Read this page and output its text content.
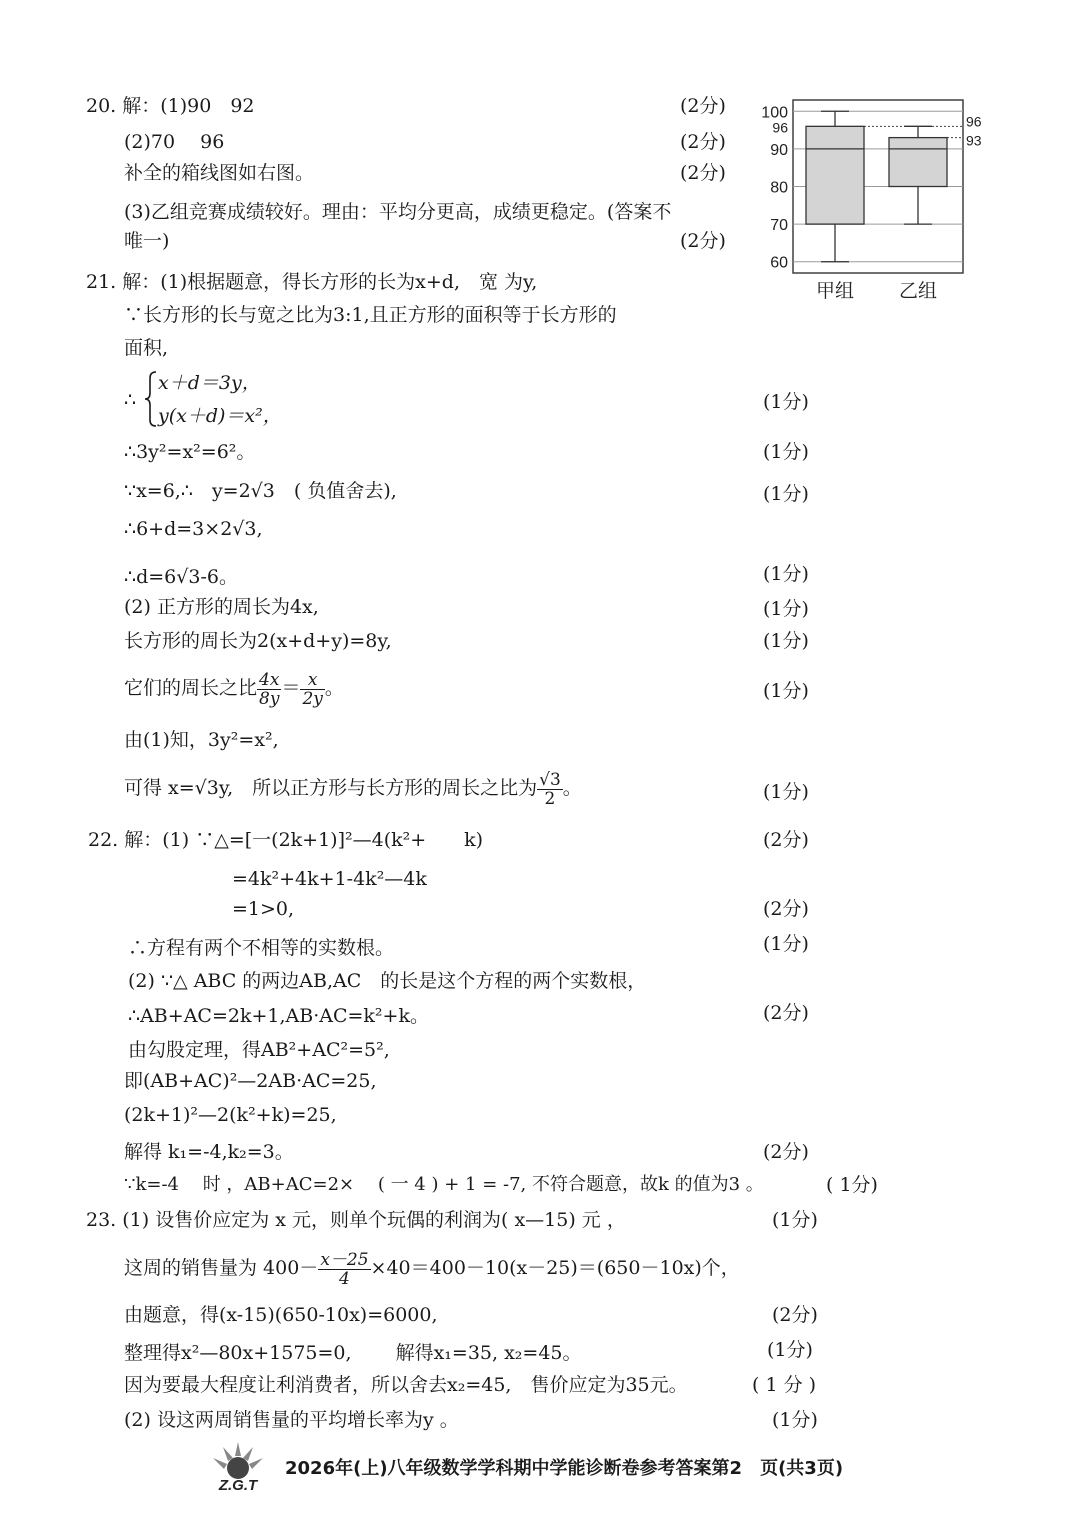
60
70
80
90
96
100
96
93
甲组 乙组
20. 解：(1)90　92	(2分)
(2)70　 96	(2分)
补全的箱线图如右图。	(2分)
(3)乙组竞赛成绩较好。理由：平均分更高，成绩更稳定。(答案不
唯一)	(2分)
21. 解：(1)根据题意，得长方形的长为x+d,　宽 为y,
∵长方形的长与宽之比为3:1,且正方形的面积等于长方形的
面积,
∴
x＋d＝3y，
y(x＋d)＝x²，
(1分)
∴3y²=x²=6²。	(1分)
∵x=6,∴　y=2√3　( 负值舍去),	(1分)
∴6+d=3×2√3,
∴d=6√3-6。	(1分)
(2) 正方形的周长为4x,	(1分)
长方形的周长为2(x+d+y)=8y,	(1分)
它们的周长之比 $\frac{4x}{8y} = \frac{x}{2y}$ 。	(1分)
由(1)知，3y²=x²,
可得 x=√3y,　所以正方形与长方形的周长之比为 $\frac{√3}{2}$ 。	(1分)
22. 解：(1) ∵△=[一(2k+1)]²—4(k²+　　k)	(2分)
=4k²+4k+1-4k²—4k
=1>0,	(2分)
∴方程有两个不相等的实数根。	(1分)
(2) ∵△ ABC 的两边AB,AC　的长是这个方程的两个实数根，
∴AB+AC=2k+1,AB·AC=k²+k。	(2分)
由勾股定理，得AB²+AC²=5²,
即(AB+AC)²—2AB·AC=25,
(2k+1)²—2(k²+k)=25,
解得 k₁=-4,k₂=3。	(2分)
∵k=-4　 时 ，AB+AC=2×　 ( 一 4 ) + 1 = -7, 不符合题意，故k 的值为3 。	( 1分)
23. (1) 设售价应定为 x 元，则单个玩偶的利润为( x—15) 元 ，	(1分)
这周的销售量为 $400- \frac{x-25}{4} \times 40=400-10(x-25)=(650-10x)$个，
由题意，得(x-15)(650-10x)=6000,	(2分)
整理得x²—80x+1575=0,　　 解得x₁=35, x₂=45。	(1分)
因为要最大程度让利消费者，所以舍去x₂=45,　售价应定为35元。	( 1 分 )
(2) 设这两周销售量的平均增长率为y 。	(1分)
Z.G.T
2026年(上)八年级数学学科期中学能诊断卷参考答案第2　页(共3页)
